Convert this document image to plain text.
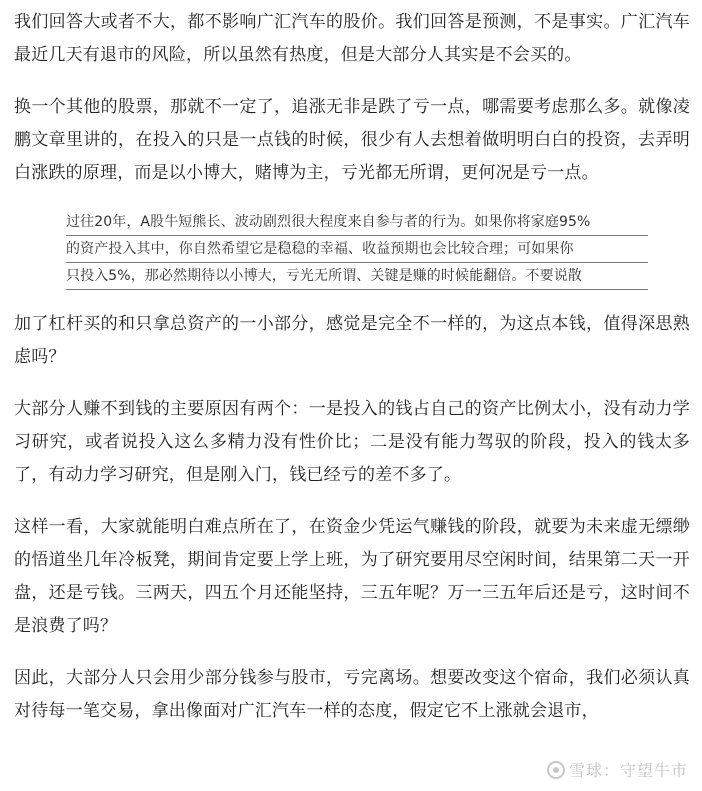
我们回答大或者不大，都不影响广汇汽车的股价。我们回答是预测，不是事实。广汇汽车最近几天有退市的风险，所以虽然有热度，但是大部分人其实是不会买的。

换一个其他的股票，那就不一定了，追涨无非是跌了亏一点，哪需要考虑那么多。就像凌鹏文章里讲的，在投入的只是一点钱的时候，很少有人去想着做明明白白的投资，去弄明白涨跌的原理，而是以小博大，赌博为主，亏光都无所谓，更何况是亏一点。

过往20年，A股牛短熊长、波动剧烈很大程度来自参与者的行为。如果你将家庭95%
的资产投入其中，你自然希望它是稳稳的幸福、收益预期也会比较合理；可如果你
只投入5%，那必然期待以小博大，亏光无所谓、关键是赚的时候能翻倍。不要说散

加了杠杆买的和只拿总资产的一小部分，感觉是完全不一样的，为这点本钱，值得深思熟虑吗？

大部分人赚不到钱的主要原因有两个：一是投入的钱占自己的资产比例太小，没有动力学习研究，或者说投入这么多精力没有性价比；二是没有能力驾驭的阶段，投入的钱太多了，有动力学习研究，但是刚入门，钱已经亏的差不多了。

这样一看，大家就能明白难点所在了，在资金少凭运气赚钱的阶段，就要为未来虚无缥缈的悟道坐几年冷板凳，期间肯定要上学上班，为了研究要用尽空闲时间，结果第二天一开盘，还是亏钱。三两天，四五个月还能坚持，三五年呢？万一三五年后还是亏，这时间不是浪费了吗？

因此，大部分人只会用少部分钱参与股市，亏完离场。想要改变这个宿命，我们必须认真对待每一笔交易，拿出像面对广汇汽车一样的态度，假定它不上涨就会退市，

雪球：守望牛市
